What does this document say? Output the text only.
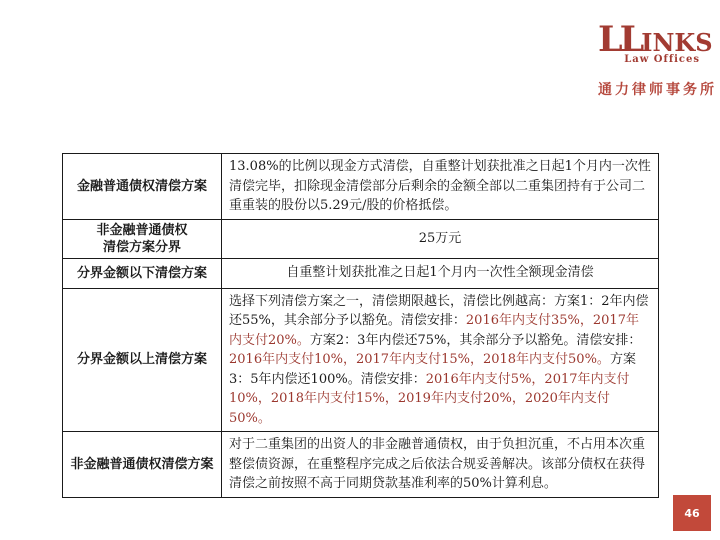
LLINKS
Law Offices
通力律师事务所
金融普通债权清偿方案	13.08%的比例以现金方式清偿，自重整计划获批准之日起1个月内一次性清偿完毕，扣除现金清偿部分后剩余的金额全部以二重集团持有于公司二重重装的股份以5.29元/股的价格抵偿。
非金融普通债权
清偿方案分界	25万元
分界金额以下清偿方案	自重整计划获批准之日起1个月内一次性全额现金清偿
分界金额以上清偿方案	选择下列清偿方案之一，清偿期限越长，清偿比例越高：方案1：2年内偿还55%，其余部分予以豁免。清偿安排：2016年内支付35%，2017年内支付20%。方案2：3年内偿还75%，其余部分予以豁免。清偿安排：2016年内支付10%，2017年内支付15%，2018年内支付50%。方案3：5年内偿还100%。清偿安排：2016年内支付5%，2017年内支付10%，2018年内支付15%，2019年内支付20%，2020年内支付50%。
非金融普通债权清偿方案	对于二重集团的出资人的非金融普通债权，由于负担沉重，不占用本次重整偿债资源，在重整程序完成之后依法合规妥善解决。该部分债权在获得清偿之前按照不高于同期贷款基准利率的50%计算利息。
46
